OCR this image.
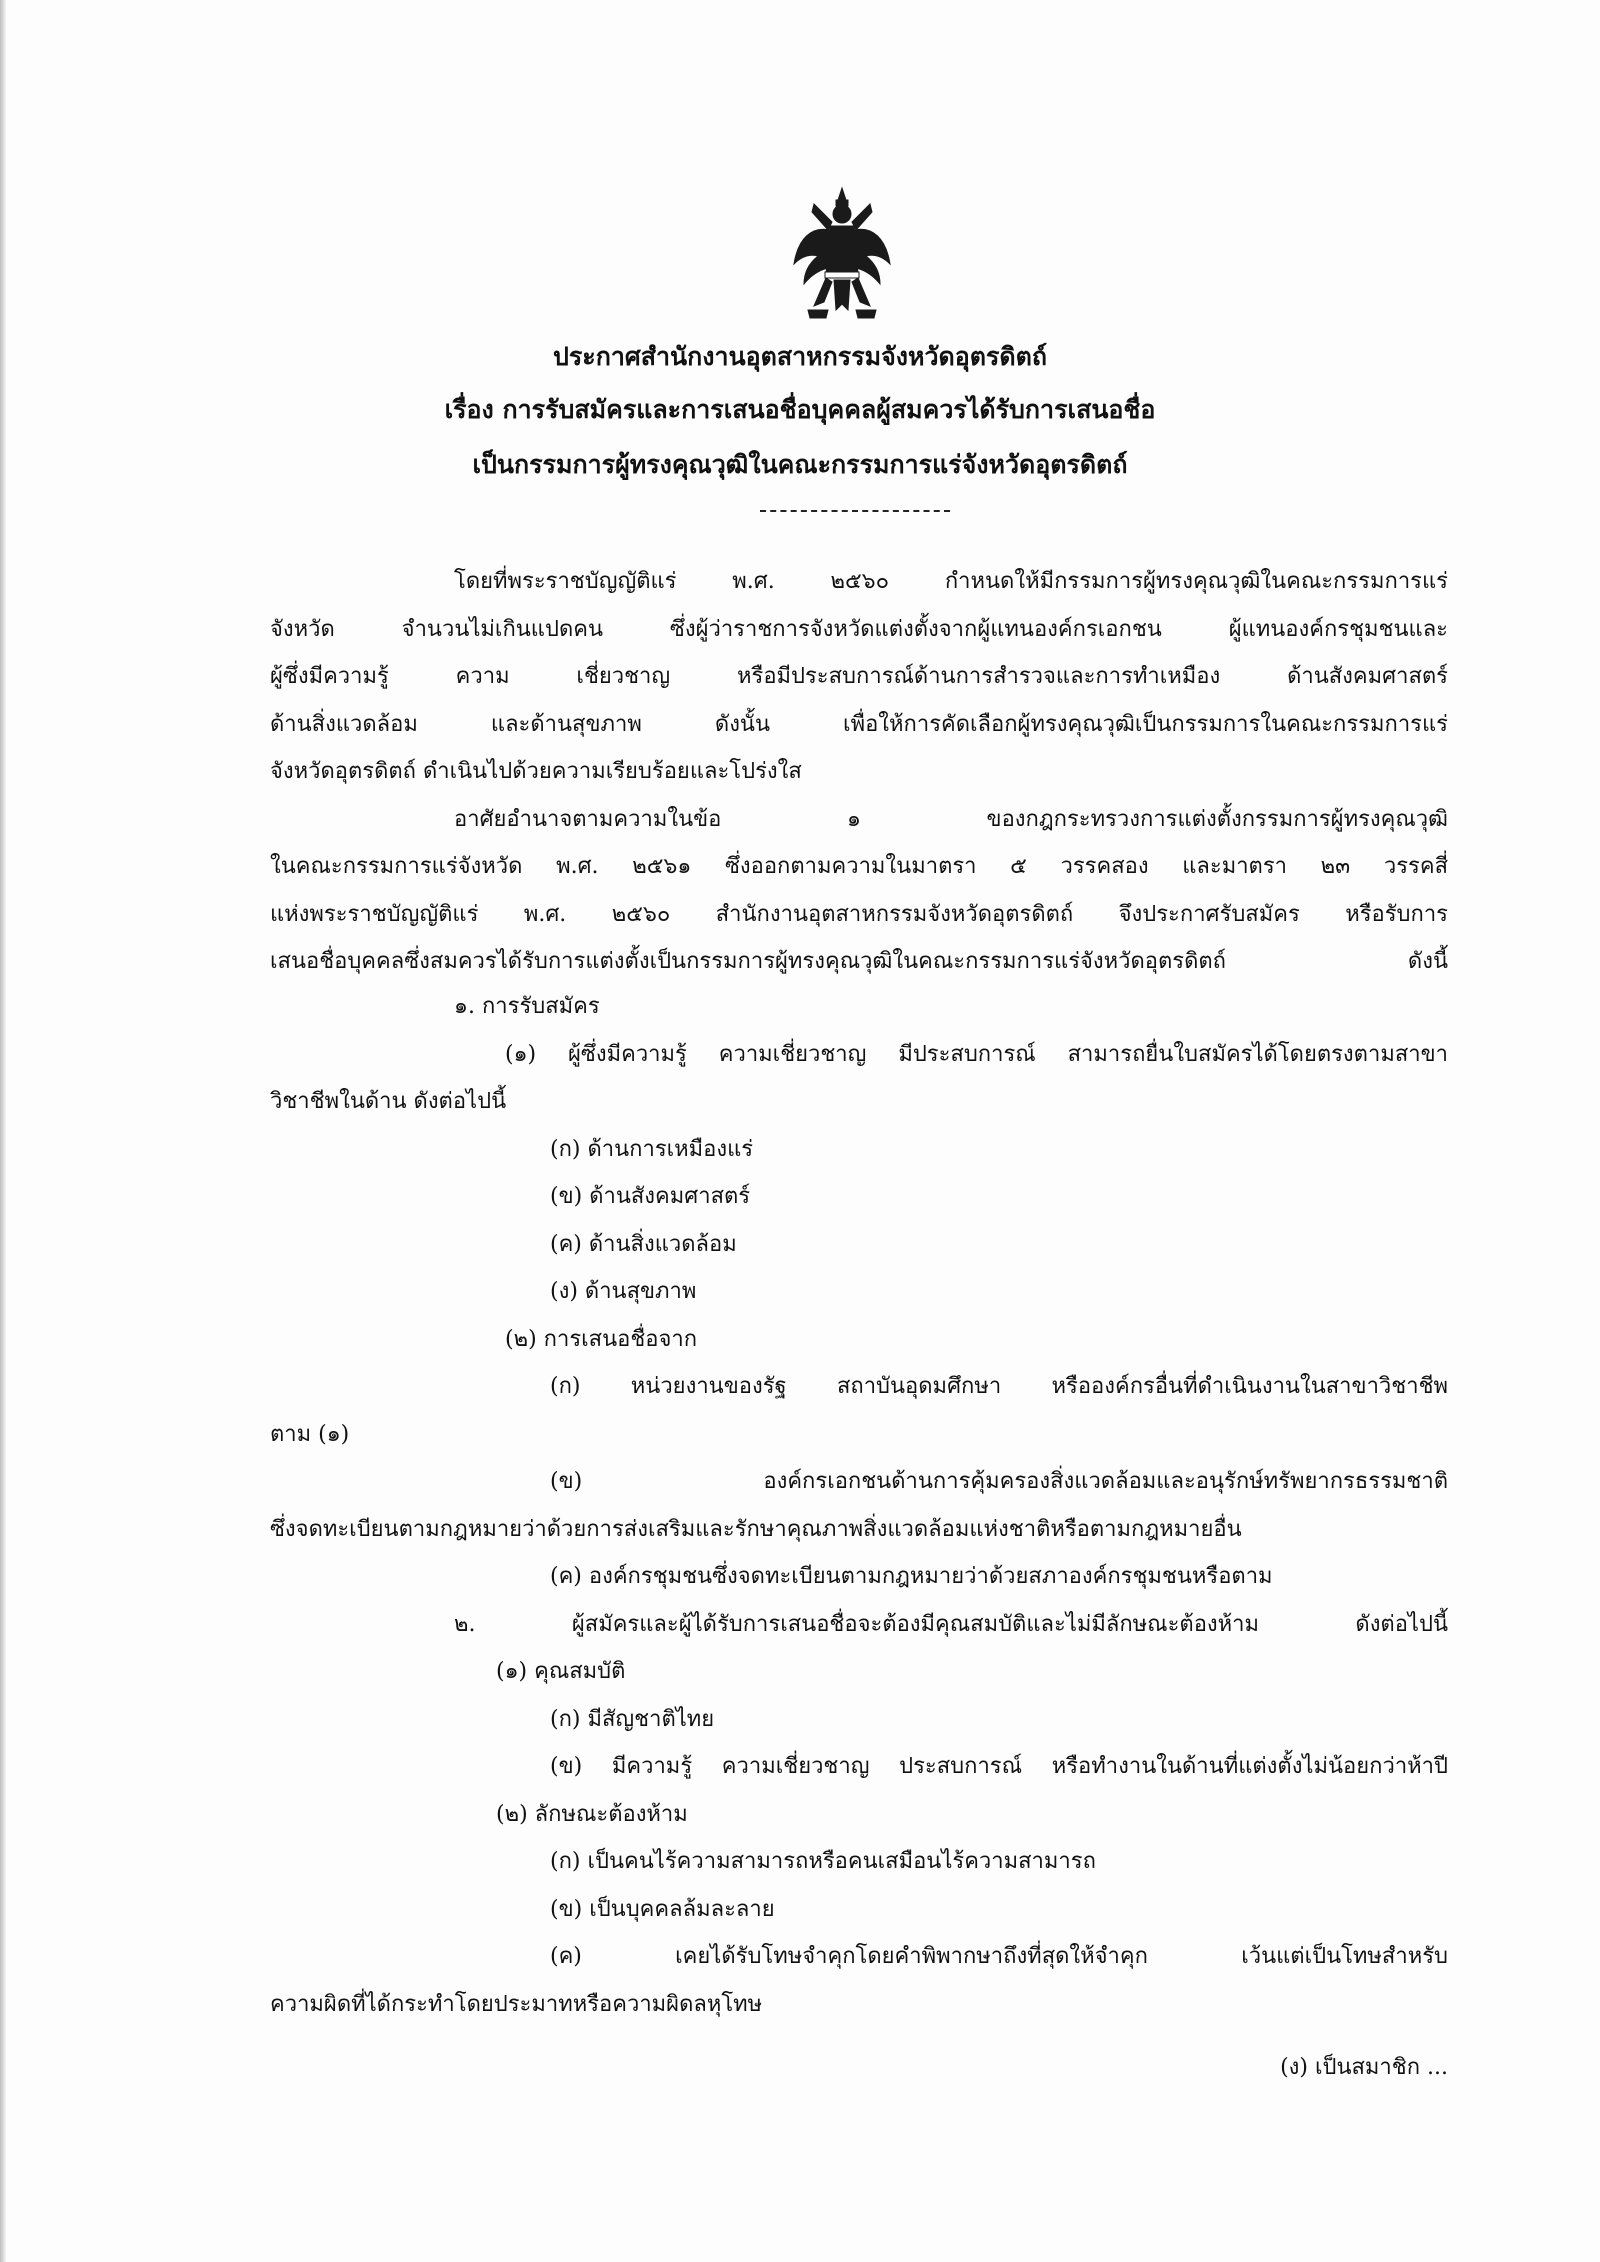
ประกาศสำนักงานอุตสาหกรรมจังหวัดอุตรดิตถ์
เรื่อง การรับสมัครและการเสนอชื่อบุคคลผู้สมควรได้รับการเสนอชื่อ
เป็นกรรมการผู้ทรงคุณวุฒิในคณะกรรมการแร่จังหวัดอุตรดิตถ์
โดยที่พระราชบัญญัติแร่ พ.ศ. ๒๕๖๐ กำหนดให้มีกรรมการผู้ทรงคุณวุฒิในคณะกรรมการแร่
จังหวัด จำนวนไม่เกินแปดคน ซึ่งผู้ว่าราชการจังหวัดแต่งตั้งจากผู้แทนองค์กรเอกชน ผู้แทนองค์กรชุมชนและ
ผู้ซึ่งมีความรู้ ความ เชี่ยวชาญ หรือมีประสบการณ์ด้านการสำรวจและการทำเหมือง ด้านสังคมศาสตร์
ด้านสิ่งแวดล้อม และด้านสุขภาพ ดังนั้น เพื่อให้การคัดเลือกผู้ทรงคุณวุฒิเป็นกรรมการในคณะกรรมการแร่
จังหวัดอุตรดิตถ์ ดำเนินไปด้วยความเรียบร้อยและโปร่งใส
อาศัยอำนาจตามความในข้อ ๑ ของกฎกระทรวงการแต่งตั้งกรรมการผู้ทรงคุณวุฒิ
ในคณะกรรมการแร่จังหวัด พ.ศ. ๒๕๖๑ ซึ่งออกตามความในมาตรา ๕ วรรคสอง และมาตรา ๒๓ วรรคสี่
แห่งพระราชบัญญัติแร่ พ.ศ. ๒๕๖๐ สำนักงานอุตสาหกรรมจังหวัดอุตรดิตถ์ จึงประกาศรับสมัคร หรือรับการ
เสนอชื่อบุคคลซึ่งสมควรได้รับการแต่งตั้งเป็นกรรมการผู้ทรงคุณวุฒิในคณะกรรมการแร่จังหวัดอุตรดิตถ์ ดังนี้
๑. การรับสมัคร
(๑) ผู้ซึ่งมีความรู้ ความเชี่ยวชาญ มีประสบการณ์ สามารถยื่นใบสมัครได้โดยตรงตามสาขา
วิชาชีพในด้าน ดังต่อไปนี้
(ก) ด้านการเหมืองแร่
(ข) ด้านสังคมศาสตร์
(ค) ด้านสิ่งแวดล้อม
(ง) ด้านสุขภาพ
(๒) การเสนอชื่อจาก
(ก) หน่วยงานของรัฐ สถาบันอุดมศึกษา หรือองค์กรอื่นที่ดำเนินงานในสาขาวิชาชีพ
ตาม (๑)
(ข) องค์กรเอกชนด้านการคุ้มครองสิ่งแวดล้อมและอนุรักษ์ทรัพยากรธรรมชาติ
ซึ่งจดทะเบียนตามกฎหมายว่าด้วยการส่งเสริมและรักษาคุณภาพสิ่งแวดล้อมแห่งชาติหรือตามกฎหมายอื่น
(ค) องค์กรชุมชนซึ่งจดทะเบียนตามกฎหมายว่าด้วยสภาองค์กรชุมชนหรือตาม
๒. ผู้สมัครและผู้ได้รับการเสนอชื่อจะต้องมีคุณสมบัติและไม่มีลักษณะต้องห้าม ดังต่อไปนี้
(๑) คุณสมบัติ
(ก) มีสัญชาติไทย
(ข) มีความรู้ ความเชี่ยวชาญ ประสบการณ์ หรือทำงานในด้านที่แต่งตั้งไม่น้อยกว่าห้าปี
(๒) ลักษณะต้องห้าม
(ก) เป็นคนไร้ความสามารถหรือคนเสมือนไร้ความสามารถ
(ข) เป็นบุคคลล้มละลาย
(ค) เคยได้รับโทษจำคุกโดยคำพิพากษาถึงที่สุดให้จำคุก เว้นแต่เป็นโทษสำหรับ
ความผิดที่ได้กระทำโดยประมาทหรือความผิดลหุโทษ
(ง) เป็นสมาชิก ...
